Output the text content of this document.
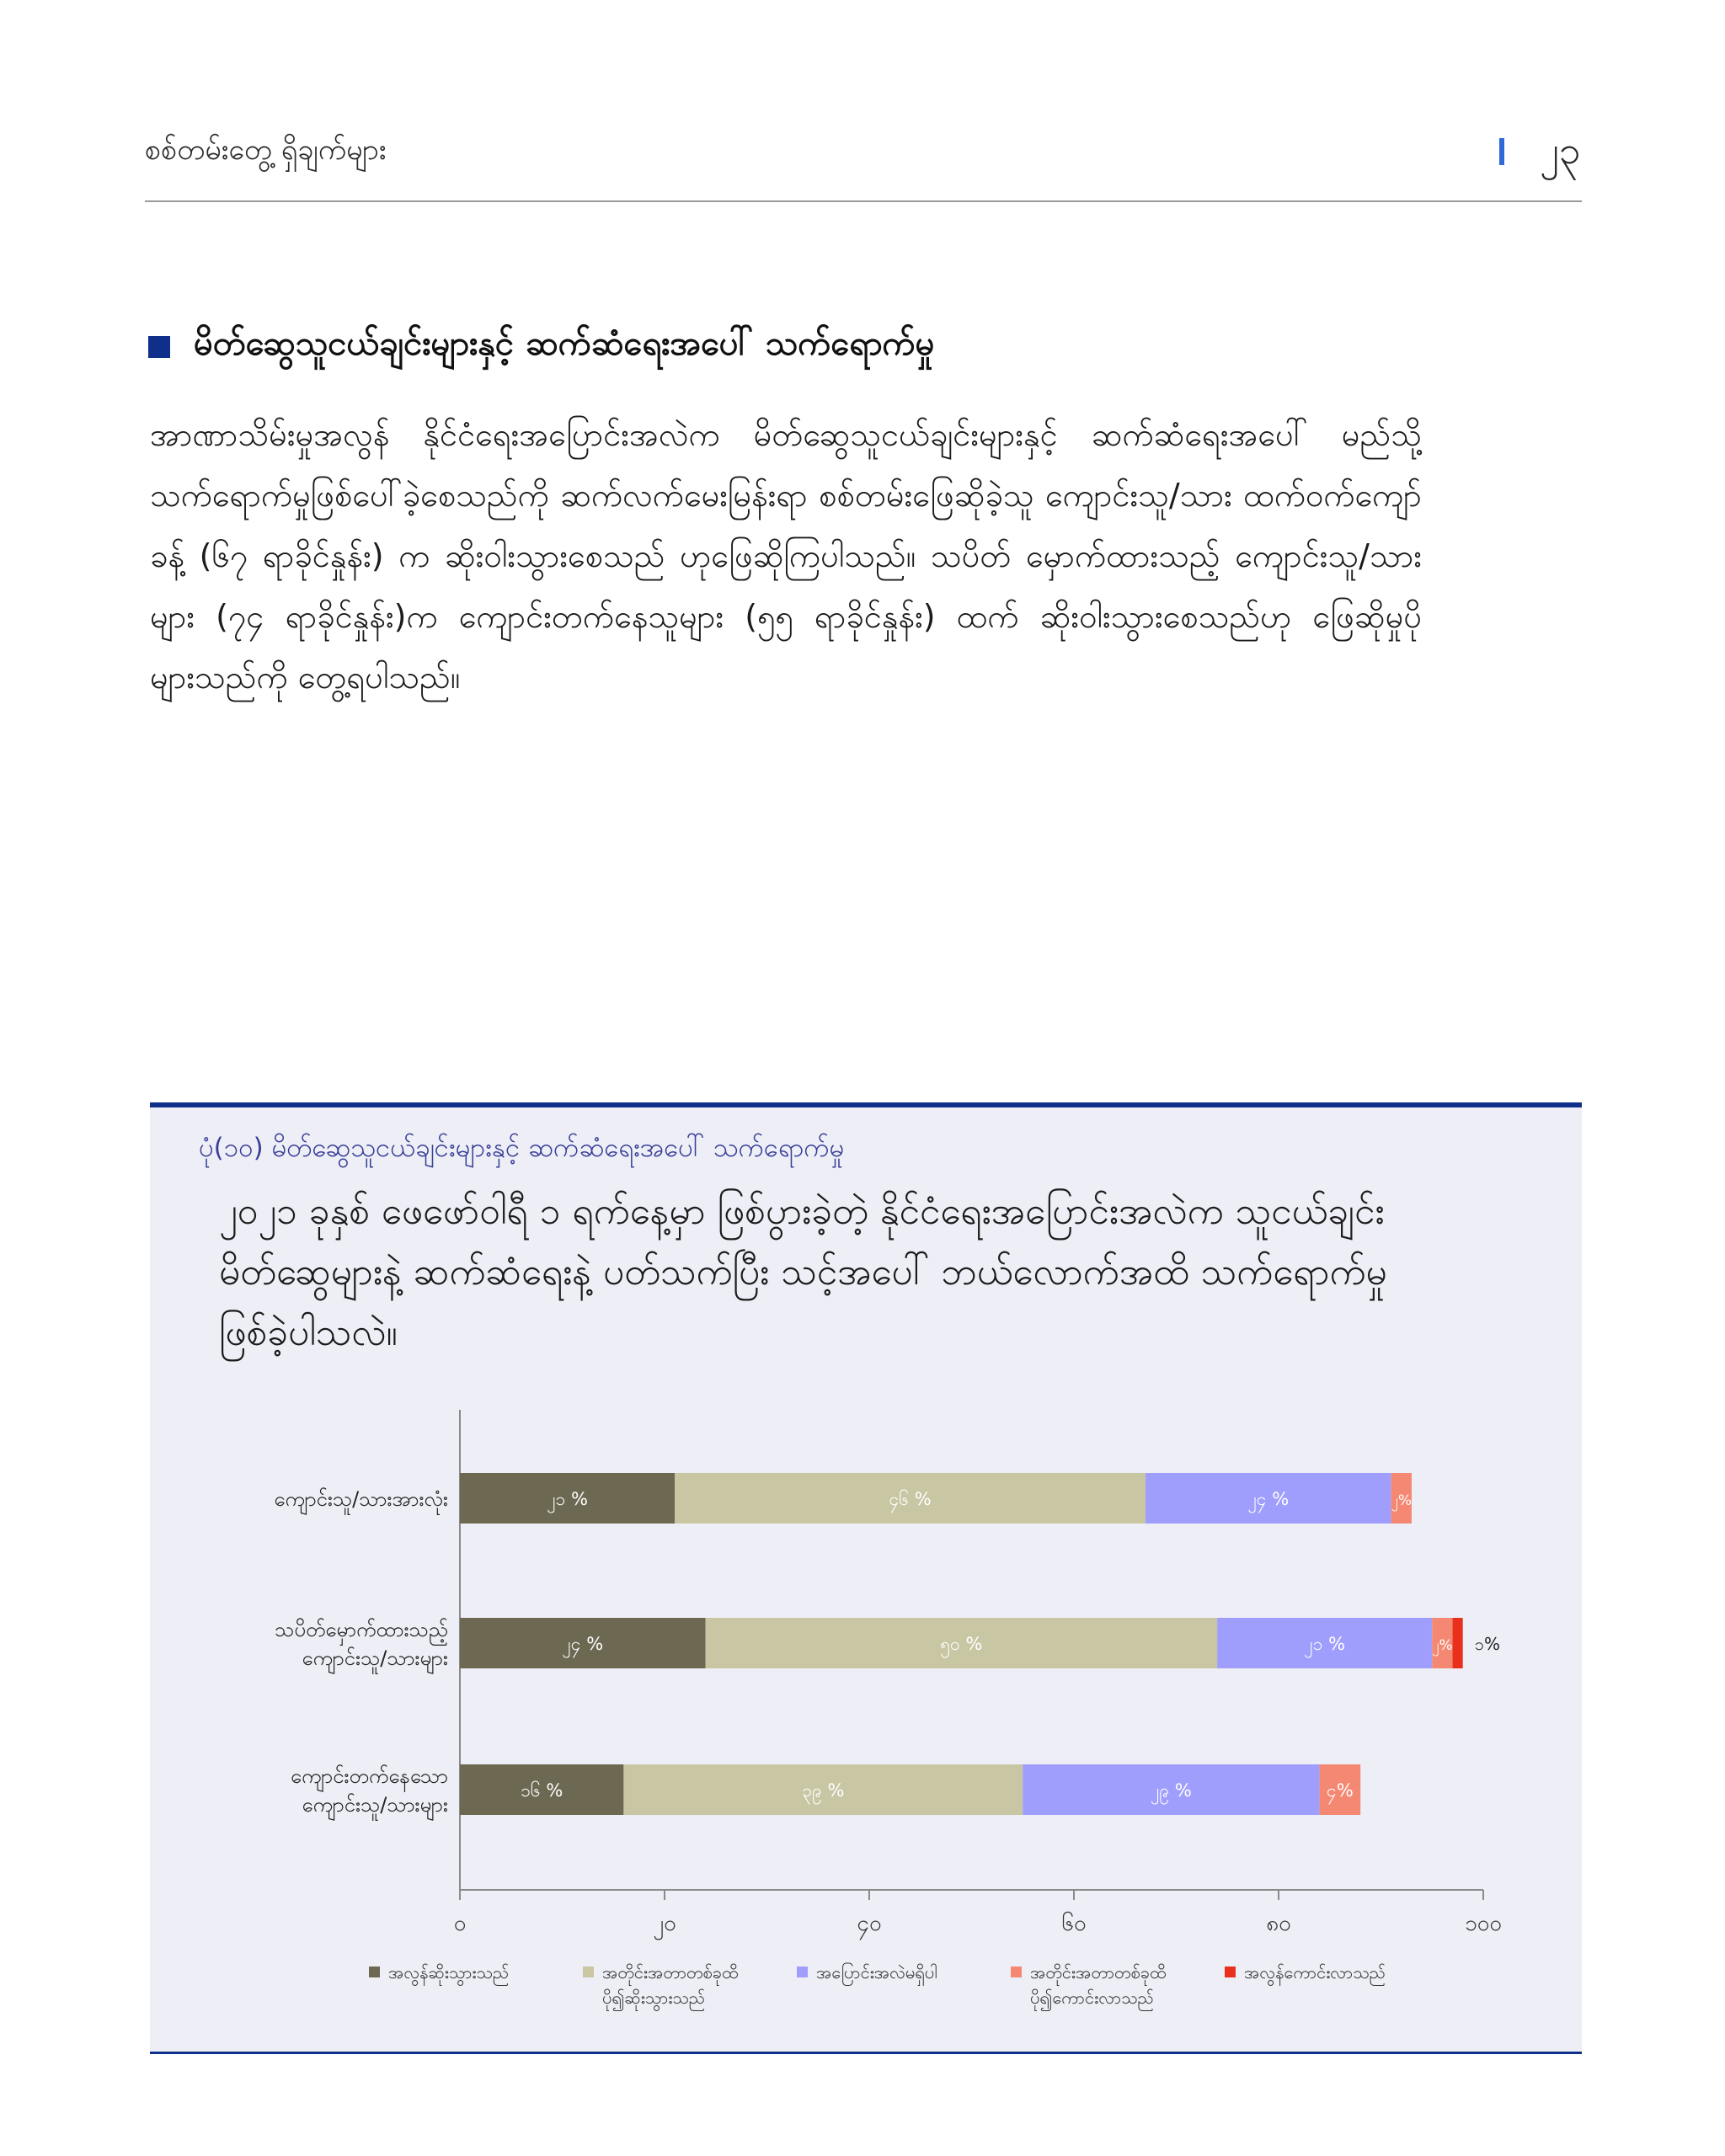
စစ်တမ်းတွေ့ ရှိချက်များ	၂၃
မိတ်ဆွေသူငယ်ချင်းများနှင့် ဆက်ဆံရေးအပေါ် သက်ရောက်မှု
အာဏာသိမ်းမှုအလွန် နိုင်ငံရေးအပြောင်းအလဲက မိတ်ဆွေသူငယ်ချင်းများနှင့် ဆက်ဆံရေးအပေါ် မည်သို့ သက်ရောက်မှုဖြစ်ပေါ်ခဲ့စေသည်ကို ဆက်လက်မေးမြန်းရာ စစ်တမ်းဖြေဆိုခဲ့သူ ကျောင်းသူ/သား ထက်ဝက်ကျော်ခန့် (၆၇ ရာခိုင်နှုန်း) က ဆိုးဝါးသွားစေသည် ဟုဖြေဆိုကြပါသည်။ သပိတ် မှောက်ထားသည့် ကျောင်းသူ/သားများ (၇၄ ရာခိုင်နှုန်း)က ကျောင်းတက်နေသူများ (၅၅ ရာခိုင်နှုန်း) ထက် ဆိုးဝါးသွားစေသည်ဟု ဖြေဆိုမှုပိုများသည်ကို တွေ့ရပါသည်။
ပုံ(၁၀) မိတ်ဆွေသူငယ်ချင်းများနှင့် ဆက်ဆံရေးအပေါ် သက်ရောက်မှု
၂၀၂၁ ခုနှစ် ဖေဖော်ဝါရီ ၁ ရက်နေ့မှာ ဖြစ်ပွားခဲ့တဲ့ နိုင်ငံရေးအပြောင်းအလဲက သူငယ်ချင်းမိတ်ဆွေများနဲ့ ဆက်ဆံရေးနဲ့ ပတ်သက်ပြီး သင့်အပေါ် ဘယ်လောက်အထိ သက်ရောက်မှုဖြစ်ခဲ့ပါသလဲ။
၀	၂၀	၄၀	၆၀	၈၀	၁၀၀
ကျောင်းသူ/သားအားလုံး
သပိတ်မှောက်ထားသည့်
ကျောင်းသူ/သားများ
ကျောင်းတက်နေသော
ကျောင်းသူ/သားများ
၂၁ %	၄၆ %	၂၄ %	၂%
၂၄ %	၅၀ %	၂၁ %	၂% ၁%
၁၆ %	၃၉ %	၂၉ %	၄%
အလွန်ဆိုးသွားသည်	အတိုင်းအတာတစ်ခုထိ ပို၍ဆိုးသွားသည်
အပြောင်းအလဲမရှိပါ	အတိုင်းအတာတစ်ခုထိ ပို၍ကောင်းလာသည်
အလွန်ကောင်းလာသည်
